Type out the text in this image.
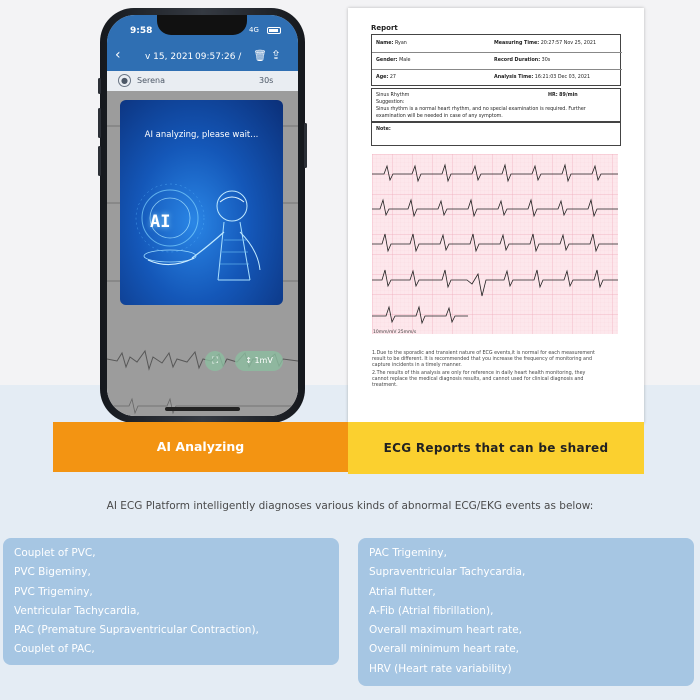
9:58	4G
‹	v 15, 2021 09:57:26 / 🗑 ⇪
●	Serena	30s
⛶	↕ 1mV
AI analyzing, please wait...
AI
Report
Name: Ryan	Measuring Time: 20:27:57 Nov 25, 2021
Gender: Male	Record Duration: 30s
Age: 27	Analysis Time: 16:21:03 Dec 03, 2021
Sinus Rhythm	HR: 89/min
Suggestion:
Sinus rhythm is a normal heart rhythm, and no special examination is required. Further
examination will be needed in case of any symptom.
Note:
10mm/mV 25mm/s

1.Due to the sporadic and transient nature of ECG events,it is normal for each measurement
result to be different. It is recommended that you increase the frequency of monitoring and
capture incidents in a timely manner.

2.The results of this analysis are only for reference in daily heart health monitoring, they
cannot replace the medical diagnosis results, and cannot used for clinical diagnosis and
treatment.

AI Analyzing	ECG Reports that can be shared
AI ECG Platform intelligently diagnoses various kinds of abnormal ECG/EKG events as below:
Couplet of PVC,
PVC Bigeminy,
PVC Trigeminy,
Ventricular Tachycardia,
PAC (Premature Supraventricular Contraction),
Couplet of PAC,
PAC Trigeminy,
Supraventricular Tachycardia,
Atrial flutter,
A-Fib (Atrial fibrillation),
Overall maximum heart rate,
Overall minimum heart rate,
HRV (Heart rate variability)
